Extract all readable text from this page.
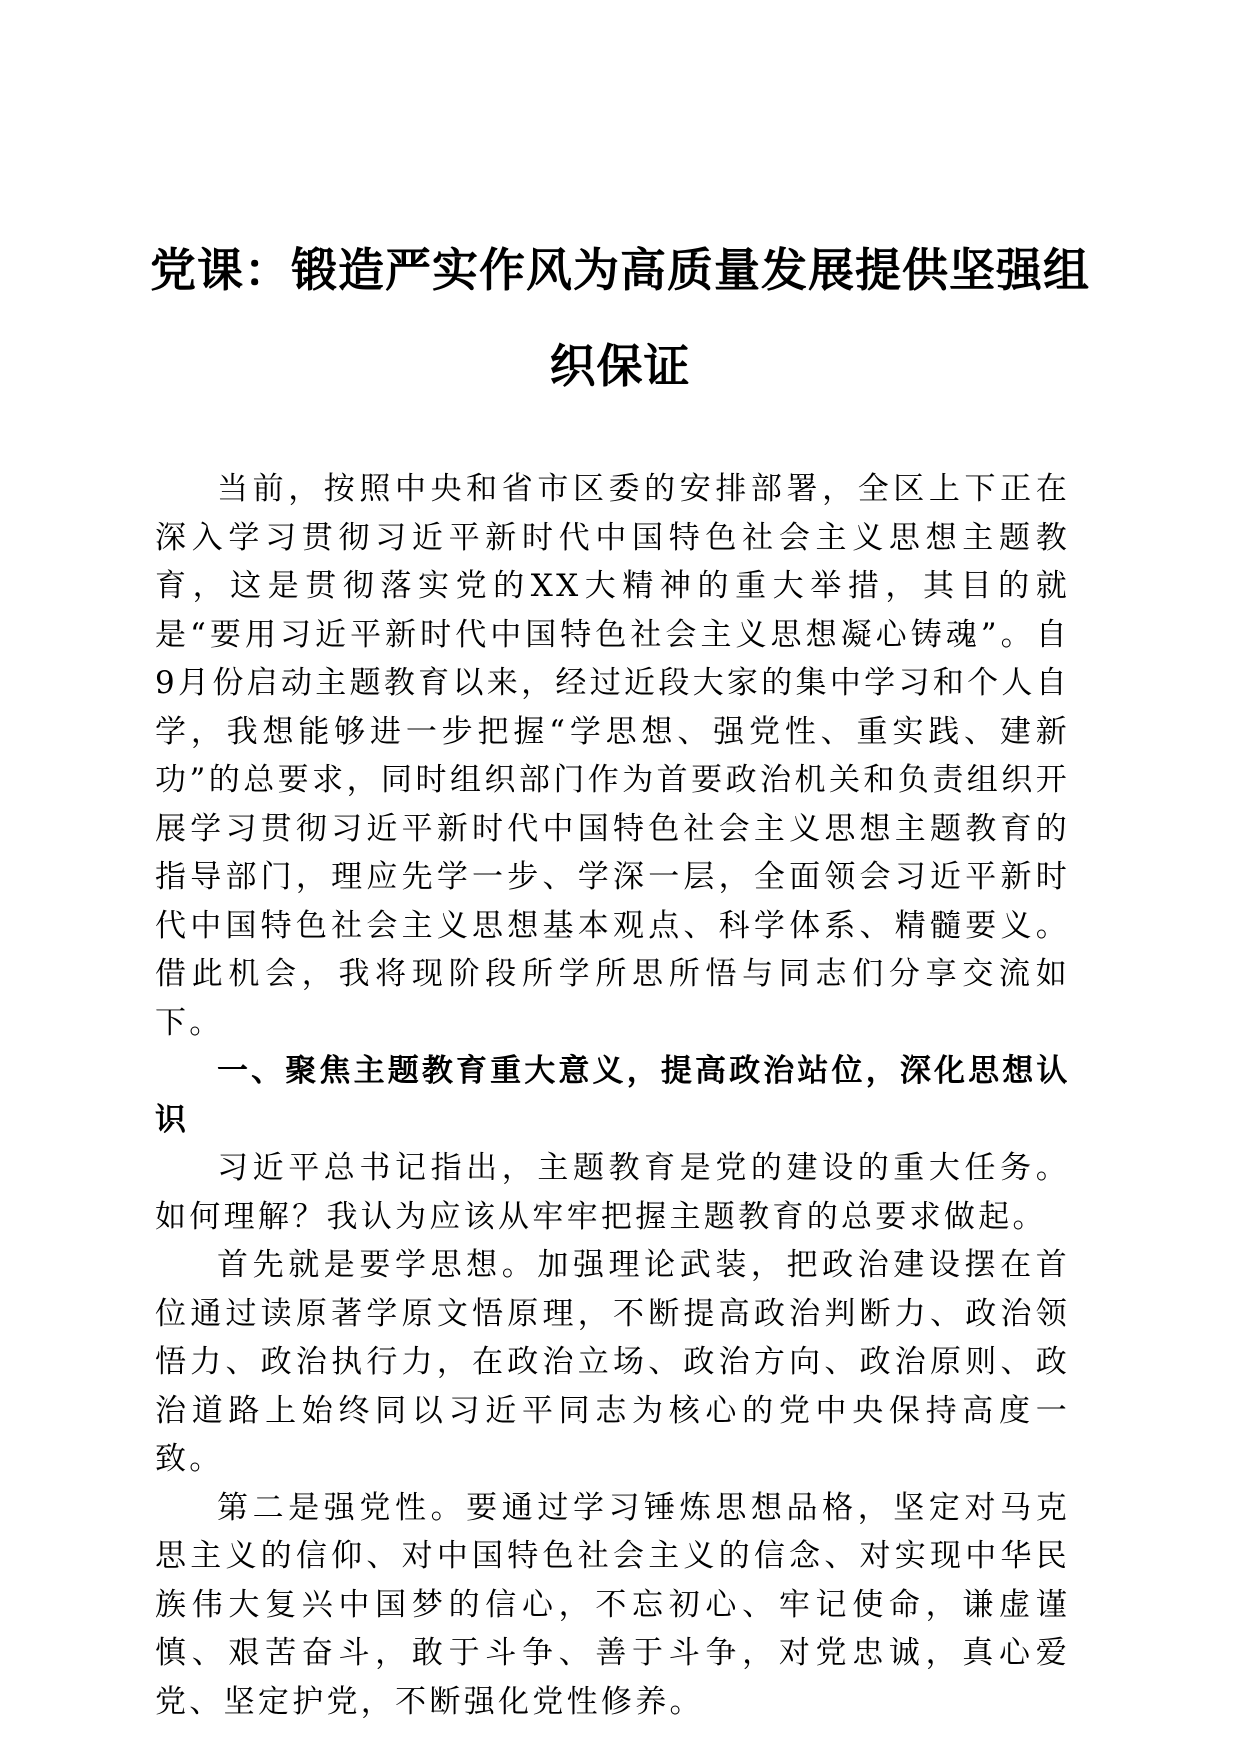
党课：锻造严实作风为高质量发展提供坚强组织保证

当前，按照中央和省市区委的安排部署，全区上下正在深入学习贯彻习近平新时代中国特色社会主义思想主题教育，这是贯彻落实党的XX大精神的重大举措，其目的就是“要用习近平新时代中国特色社会主义思想凝心铸魂”。自9月份启动主题教育以来，经过近段大家的集中学习和个人自学，我想能够进一步把握“学思想、强党性、重实践、建新功”的总要求，同时组织部门作为首要政治机关和负责组织开展学习贯彻习近平新时代中国特色社会主义思想主题教育的指导部门，理应先学一步、学深一层，全面领会习近平新时代中国特色社会主义思想基本观点、科学体系、精髓要义。借此机会，我将现阶段所学所思所悟与同志们分享交流如下。

一、聚焦主题教育重大意义，提高政治站位，深化思想认识

习近平总书记指出，主题教育是党的建设的重大任务。如何理解？我认为应该从牢牢把握主题教育的总要求做起。

首先就是要学思想。加强理论武装，把政治建设摆在首位通过读原著学原文悟原理，不断提高政治判断力、政治领悟力、政治执行力，在政治立场、政治方向、政治原则、政治道路上始终同以习近平同志为核心的党中央保持高度一致。

第二是强党性。要通过学习锤炼思想品格，坚定对马克思主义的信仰、对中国特色社会主义的信念、对实现中华民族伟大复兴中国梦的信心，不忘初心、牢记使命，谦虚谨慎、艰苦奋斗，敢于斗争、善于斗争，对党忠诚，真心爱党、坚定护党，不断强化党性修养。
